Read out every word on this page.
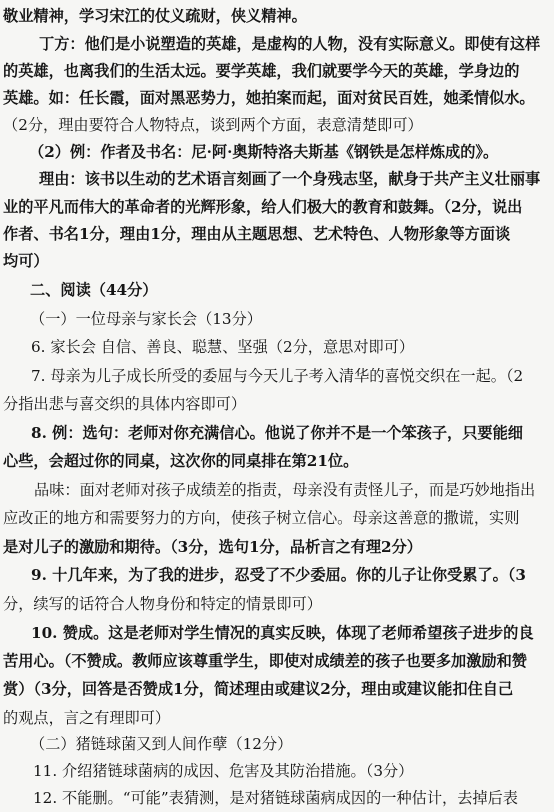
敬业精神，学习宋江的仗义疏财，侠义精神。
丁方：他们是小说塑造的英雄，是虚构的人物，没有实际意义。即使有这样
的英雄，也离我们的生活太远。要学英雄，我们就要学今天的英雄，学身边的
英雄。如：任长霞，面对黑恶势力，她拍案而起，面对贫民百姓，她柔情似水。
（2分，理由要符合人物特点，谈到两个方面，表意清楚即可）
（2）例：作者及书名：尼·阿·奥斯特洛夫斯基《钢铁是怎样炼成的》。
理由：该书以生动的艺术语言刻画了一个身残志坚，献身于共产主义壮丽事
业的平凡而伟大的革命者的光辉形象，给人们极大的教育和鼓舞。（2分，说出
作者、书名1分，理由1分，理由从主题思想、艺术特色、人物形象等方面谈
均可）
二、阅读（44分）
（一）一位母亲与家长会（13分）
6. 家长会 自信、善良、聪慧、坚强（2分，意思对即可）
7. 母亲为儿子成长所受的委屈与今天儿子考入清华的喜悦交织在一起。（2
分指出悲与喜交织的具体内容即可）
8. 例：选句：老师对你充满信心。他说了你并不是一个笨孩子，只要能细
心些，会超过你的同桌，这次你的同桌排在第21位。
品味：面对老师对孩子成绩差的指责，母亲没有责怪儿子，而是巧妙地指出
应改正的地方和需要努力的方向，使孩子树立信心。母亲这善意的撒谎，实则
是对儿子的激励和期待。（3分，选句1分，品析言之有理2分）
9. 十几年来，为了我的进步，忍受了不少委屈。你的儿子让你受累了。（3
分，续写的话符合人物身份和特定的情景即可）
10. 赞成。这是老师对学生情况的真实反映，体现了老师希望孩子进步的良
苦用心。（不赞成。教师应该尊重学生，即使对成绩差的孩子也要多加激励和赞
赏）（3分，回答是否赞成1分，简述理由或建议2分，理由或建议能扣住自己
的观点，言之有理即可）
（二）猪链球菌又到人间作孽（12分）
11. 介绍猪链球菌病的成因、危害及其防治措施。（3分）
12. 不能删。“可能”表猜测，是对猪链球菌病成因的一种估计，去掉后表
